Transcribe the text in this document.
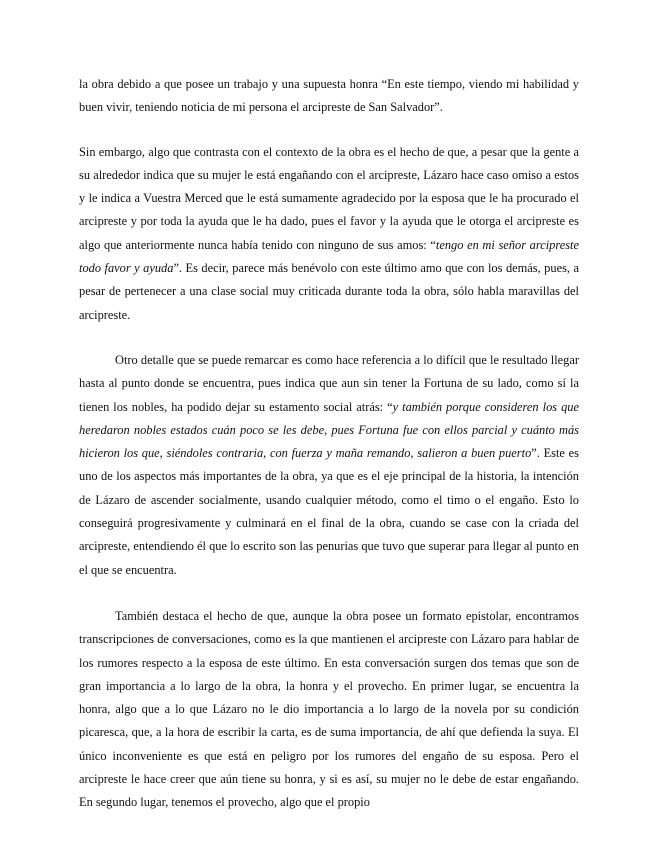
la obra debido a que posee un trabajo y una supuesta honra “En este tiempo, viendo mi habilidad y buen vivir, teniendo noticia de mi persona el arcipreste de San Salvador”.

Sin embargo, algo que contrasta con el contexto de la obra es el hecho de que, a pesar que la gente a su alrededor indica que su mujer le está engañando con el arcipreste, Lázaro hace caso omiso a estos y le indica a Vuestra Merced que le está sumamente agradecido por la esposa que le ha procurado el arcipreste y por toda la ayuda que le ha dado, pues el favor y la ayuda que le otorga el arcipreste es algo que anteriormente nunca había tenido con ninguno de sus amos: “tengo en mi señor arcipreste todo favor y ayuda”. Es decir, parece más benévolo con este último amo que con los demás, pues, a pesar de pertenecer a una clase social muy criticada durante toda la obra, sólo habla maravillas del arcipreste.

Otro detalle que se puede remarcar es como hace referencia a lo difícil que le resultado llegar hasta al punto donde se encuentra, pues indica que aun sin tener la Fortuna de su lado, como sí la tienen los nobles, ha podido dejar su estamento social atrás: “y también porque consideren los que heredaron nobles estados cuán poco se les debe, pues Fortuna fue con ellos parcial y cuánto más hicieron los que, siéndoles contraria, con fuerza y maña remando, salieron a buen puerto”. Este es uno de los aspectos más importantes de la obra, ya que es el eje principal de la historia, la intención de Lázaro de ascender socialmente, usando cualquier método, como el timo o el engaño. Esto lo conseguirá progresivamente y culminará en el final de la obra, cuando se case con la criada del arcipreste, entendiendo él que lo escrito son las penurias que tuvo que superar para llegar al punto en el que se encuentra.

También destaca el hecho de que, aunque la obra posee un formato epistolar, encontramos transcripciones de conversaciones, como es la que mantienen el arcipreste con Lázaro para hablar de los rumores respecto a la esposa de este último. En esta conversación surgen dos temas que son de gran importancia a lo largo de la obra, la honra y el provecho. En primer lugar, se encuentra la honra, algo que a lo que Lázaro no le dio importancia a lo largo de la novela por su condición picaresca, que, a la hora de escribir la carta, es de suma importancia, de ahí que defienda la suya. El único inconveniente es que está en peligro por los rumores del engaño de su esposa. Pero el arcipreste le hace creer que aún tiene su honra, y si es así, su mujer no le debe de estar engañando. En segundo lugar, tenemos el provecho, algo que el propio
